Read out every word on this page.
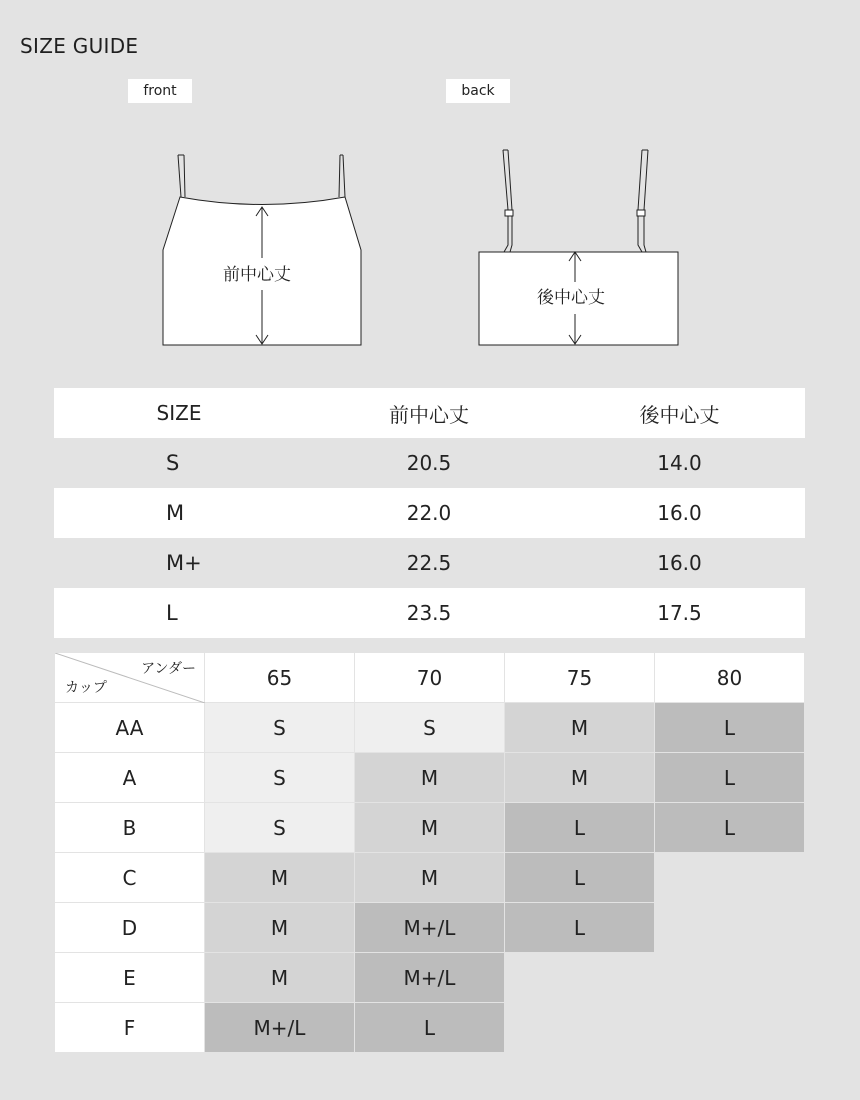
SIZE GUIDE
front	back
前中心丈
後中心丈
SIZE	前中心丈	後中心丈
S	20.5	14.0
M	22.0	16.0
M+	22.5	16.0
L	23.5	17.5
アンダー
カップ	65	70	75	80
AA	S	S	M	L
A	S	M	M	L
B	S	M	L	L
C	M	M	L
D	M	M+/L	L
E	M	M+/L
F	M+/L	L
